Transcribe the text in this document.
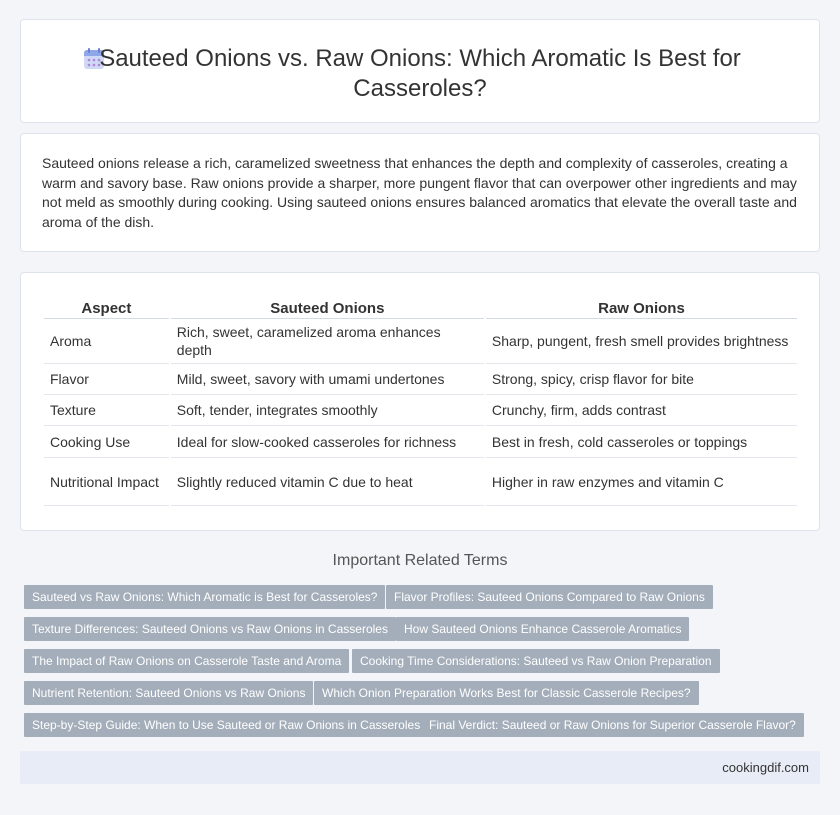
Sauteed Onions vs. Raw Onions: Which Aromatic Is Best for Casseroles?

Sauteed onions release a rich, caramelized sweetness that enhances the depth and complexity of casseroles, creating a warm and savory base. Raw onions provide a sharper, more pungent flavor that can overpower other ingredients and may not meld as smoothly during cooking. Using sauteed onions ensures balanced aromatics that elevate the overall taste and aroma of the dish.

Aspect	Sauteed Onions	Raw Onions
Aroma	Rich, sweet, caramelized aroma enhances depth	Sharp, pungent, fresh smell provides brightness
Flavor	Mild, sweet, savory with umami undertones	Strong, spicy, crisp flavor for bite
Texture	Soft, tender, integrates smoothly	Crunchy, firm, adds contrast
Cooking Use	Ideal for slow-cooked casseroles for richness	Best in fresh, cold casseroles or toppings
Nutritional Impact	Slightly reduced vitamin C due to heat	Higher in raw enzymes and vitamin C
Important Related Terms
Sauteed vs Raw Onions: Which Aromatic is Best for Casseroles?	Flavor Profiles: Sauteed Onions Compared to Raw Onions
Texture Differences: Sauteed Onions vs Raw Onions in Casseroles	How Sauteed Onions Enhance Casserole Aromatics
The Impact of Raw Onions on Casserole Taste and Aroma	Cooking Time Considerations: Sauteed vs Raw Onion Preparation
Nutrient Retention: Sauteed Onions vs Raw Onions	Which Onion Preparation Works Best for Classic Casserole Recipes?
Step-by-Step Guide: When to Use Sauteed or Raw Onions in Casseroles Final Verdict: Sauteed or Raw Onions for Superior Casserole Flavor?
cookingdif.com
